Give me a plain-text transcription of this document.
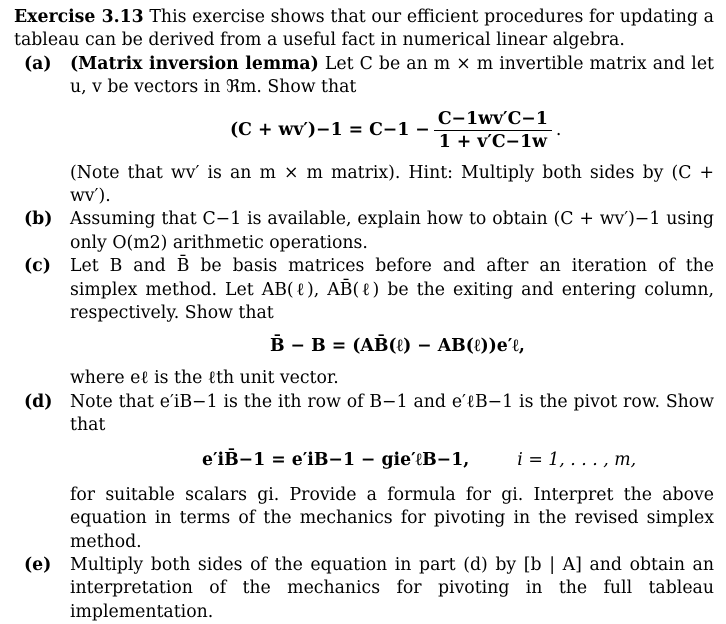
Exercise 3.13 This exercise shows that our efficient procedures for updating a tableau can be derived from a useful fact in numerical linear algebra.
(a) (Matrix inversion lemma) Let C be an m × m invertible matrix and let u, v be vectors in ℜm. Show that
$(C + wv')-1 = C-1 - \frac{C-1wv'C-1}{1 + v'C-1w}$ .
(Note that wv′ is an m × m matrix). Hint: Multiply both sides by (C + wv′).
(b) Assuming that C−1 is available, explain how to obtain (C + wv′)−1 using only O(m2) arithmetic operations.
(c) Let B and B̄ be basis matrices before and after an iteration of the simplex method. Let AB(ℓ), AB̄(ℓ) be the exiting and entering column, respectively. Show that
B̄ − B = (AB̄(ℓ) − AB(ℓ))e′ℓ,
where eℓ is the ℓth unit vector.
(d) Note that e′iB−1 is the ith row of B−1 and e′ℓB−1 is the pivot row. Show that
e′iB̄−1 = e′iB−1 − gie′ℓB−1,	i = 1, . . . , m,
for suitable scalars gi. Provide a formula for gi. Interpret the above equation in terms of the mechanics for pivoting in the revised simplex method.
(e) Multiply both sides of the equation in part (d) by [b | A] and obtain an interpretation of the mechanics for pivoting in the full tableau implementation.
